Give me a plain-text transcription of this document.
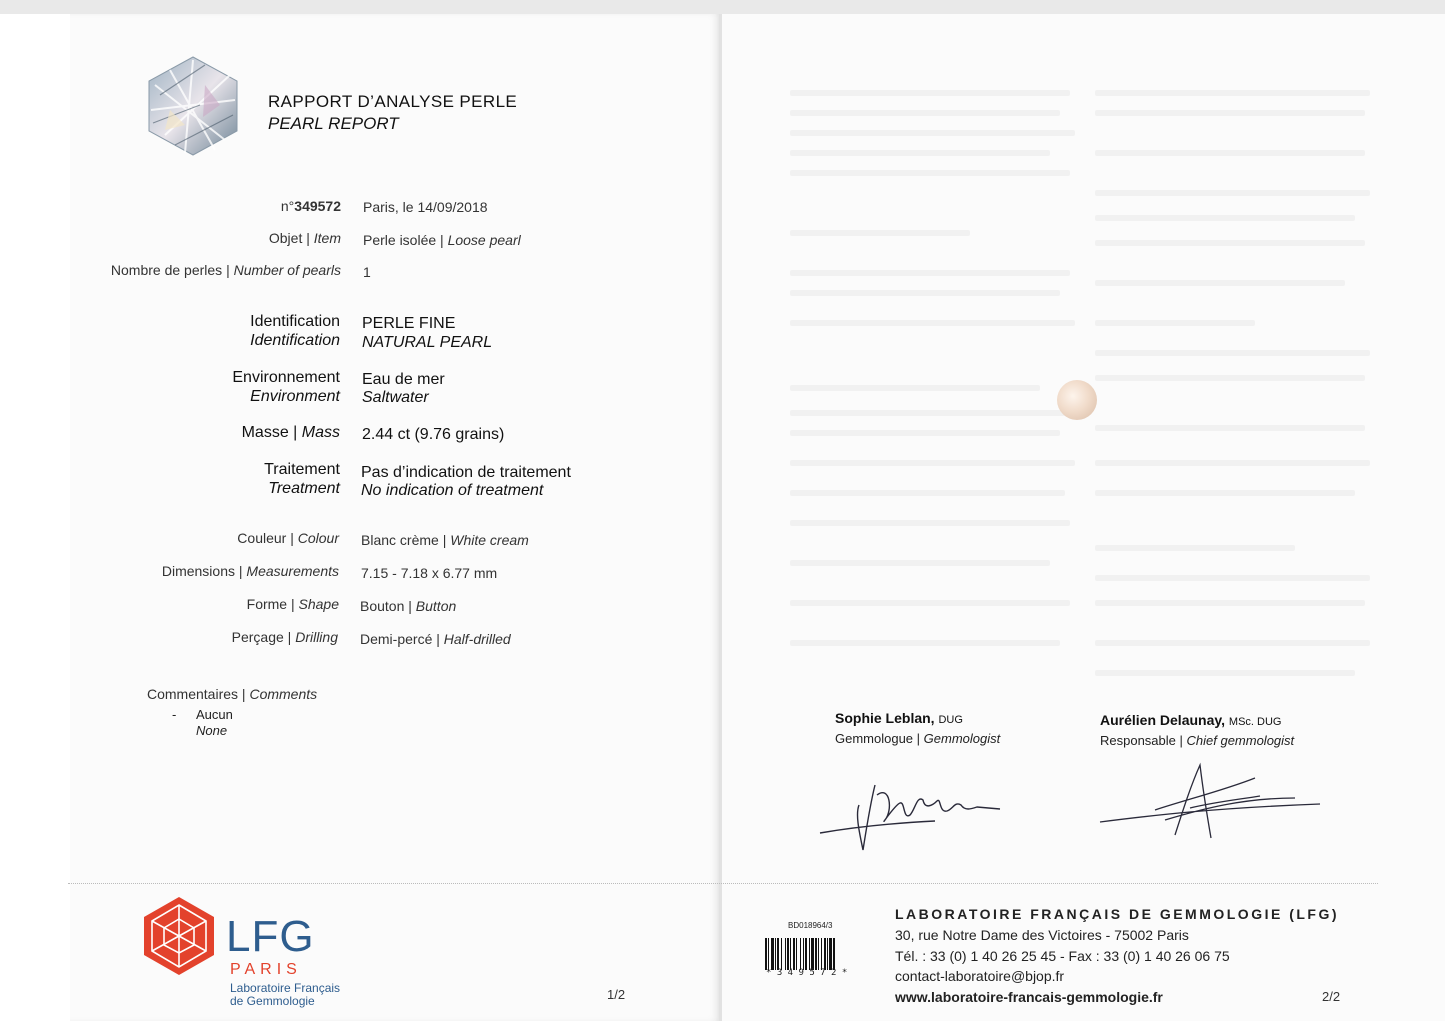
RAPPORT D’ANALYSE PERLE
PEARL REPORT
n°349572 Paris, le 14/09/2018
Objet | Item Perle isolée | Loose pearl
Nombre de perles | Number of pearls 1
Identification
Identification
PERLE FINE
NATURAL PEARL
Environnement
Environment
Eau de mer
Saltwater
Masse | Mass 2.44 ct (9.76 grains)
Traitement
Treatment
Pas d’indication de traitement
No indication of treatment
Couleur | Colour Blanc crème | White cream
Dimensions | Measurements 7.15 - 7.18 x 6.77 mm
Forme | Shape Bouton | Button
Perçage | Drilling Demi-percé | Half-drilled
Commentaires | Comments
- Aucun
None
Sophie Leblan, DUG
Gemmologue | Gemmologist
Aurélien Delaunay, MSc. DUG
Responsable | Chief gemmologist
LFG
PARIS
Laboratoire Français
de Gemmologie	1/2
BD018964/3
* 3 4 9 5 7 2 *
LABORATOIRE FRANÇAIS DE GEMMOLOGIE (LFG)
30, rue Notre Dame des Victoires - 75002 Paris
Tél. : 33 (0) 1 40 26 25 45 - Fax : 33 (0) 1 40 26 06 75
contact-laboratoire@bjop.fr
www.laboratoire-francais-gemmologie.fr	2/2
